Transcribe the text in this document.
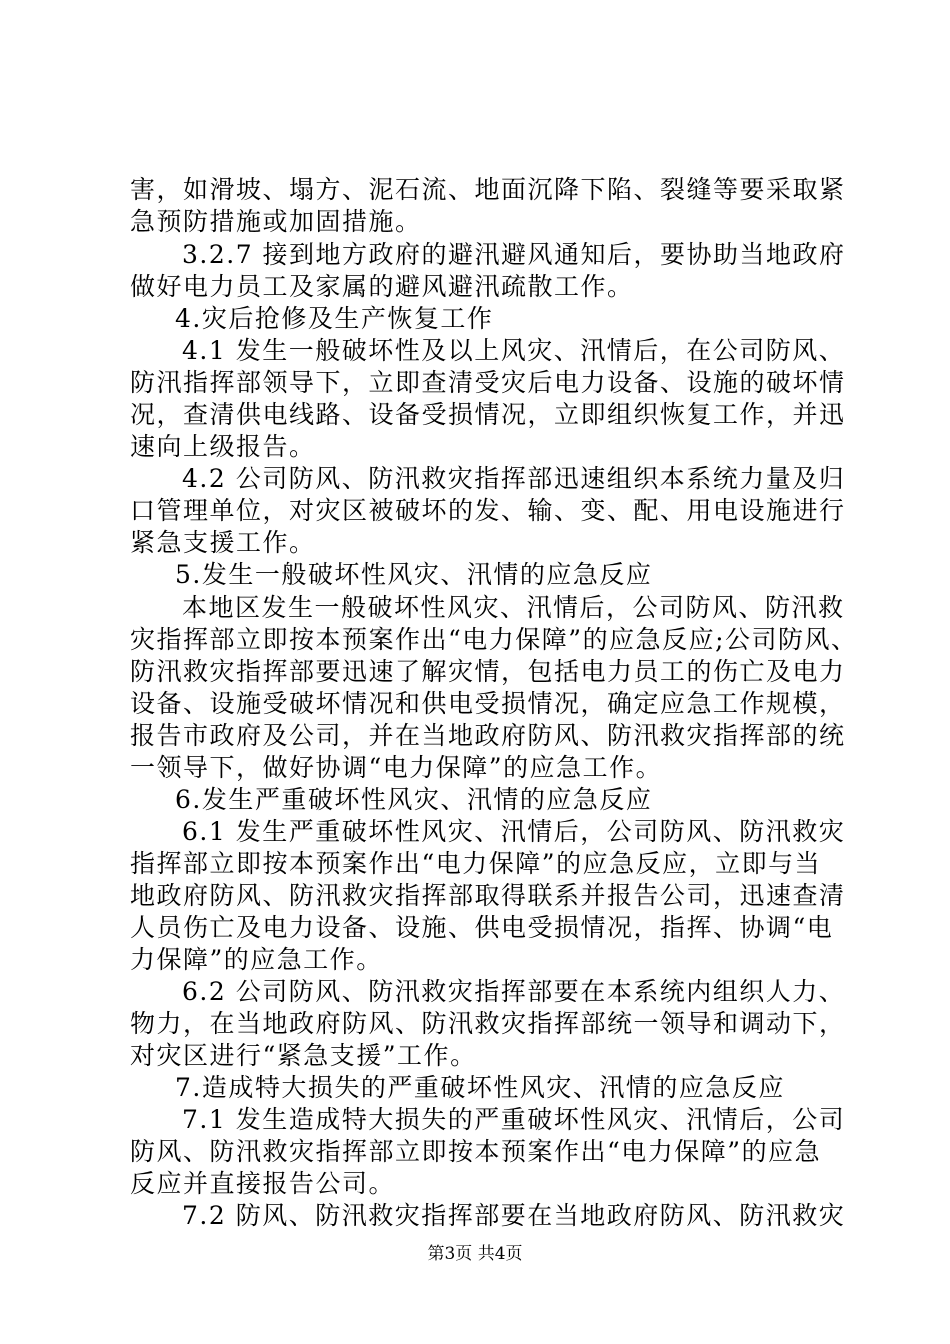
害，如滑坡、塌方、泥石流、地面沉降下陷、裂缝等要采取紧
急预防措施或加固措施。
3.2.7 接到地方政府的避汛避风通知后，要协助当地政府
做好电力员工及家属的避风避汛疏散工作。
4.灾后抢修及生产恢复工作
4.1 发生一般破坏性及以上风灾、汛情后，在公司防风、
防汛指挥部领导下，立即查清受灾后电力设备、设施的破坏情
况，查清供电线路、设备受损情况，立即组织恢复工作，并迅
速向上级报告。
4.2 公司防风、防汛救灾指挥部迅速组织本系统力量及归
口管理单位，对灾区被破坏的发、输、变、配、用电设施进行
紧急支援工作。
5.发生一般破坏性风灾、汛情的应急反应
本地区发生一般破坏性风灾、汛情后，公司防风、防汛救
灾指挥部立即按本预案作出“电力保障”的应急反应;公司防风、
防汛救灾指挥部要迅速了解灾情，包括电力员工的伤亡及电力
设备、设施受破坏情况和供电受损情况，确定应急工作规模，
报告市政府及公司，并在当地政府防风、防汛救灾指挥部的统
一领导下，做好协调“电力保障”的应急工作。
6.发生严重破坏性风灾、汛情的应急反应
6.1 发生严重破坏性风灾、汛情后，公司防风、防汛救灾
指挥部立即按本预案作出“电力保障”的应急反应，立即与当
地政府防风、防汛救灾指挥部取得联系并报告公司，迅速查清
人员伤亡及电力设备、设施、供电受损情况，指挥、协调“电
力保障”的应急工作。
6.2 公司防风、防汛救灾指挥部要在本系统内组织人力、
物力，在当地政府防风、防汛救灾指挥部统一领导和调动下，
对灾区进行“紧急支援”工作。
7.造成特大损失的严重破坏性风灾、汛情的应急反应
7.1 发生造成特大损失的严重破坏性风灾、汛情后，公司
防风、防汛救灾指挥部立即按本预案作出“电力保障”的应急
反应并直接报告公司。
7.2 防风、防汛救灾指挥部要在当地政府防风、防汛救灾
第3页 共4页
